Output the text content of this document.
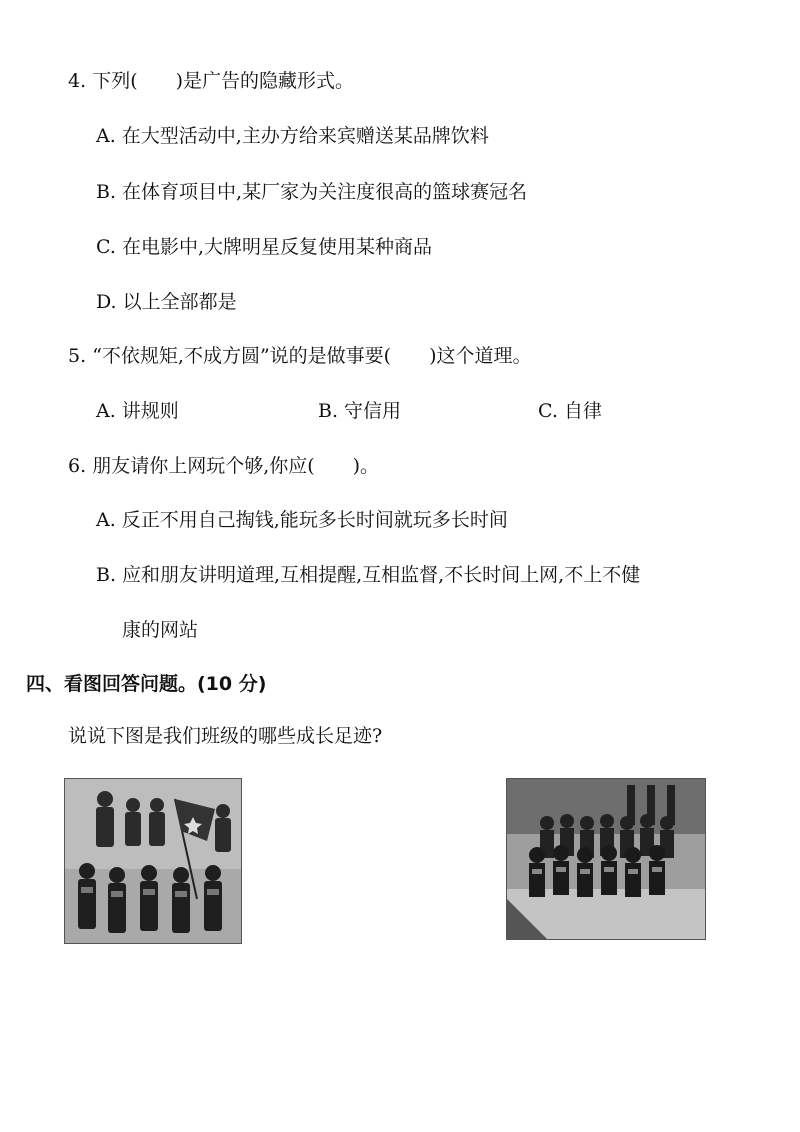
4. 下列(　　)是广告的隐藏形式。
A. 在大型活动中,主办方给来宾赠送某品牌饮料
B. 在体育项目中,某厂家为关注度很高的篮球赛冠名
C. 在电影中,大牌明星反复使用某种商品
D. 以上全部都是
5. “不依规矩,不成方圆”说的是做事要(　　)这个道理。
A. 讲规则	B. 守信用	C. 自律
6. 朋友请你上网玩个够,你应(　　)。
A. 反正不用自己掏钱,能玩多长时间就玩多长时间
B. 应和朋友讲明道理,互相提醒,互相监督,不长时间上网,不上不健
康的网站
四、看图回答问题。(10 分)
说说下图是我们班级的哪些成长足迹?
